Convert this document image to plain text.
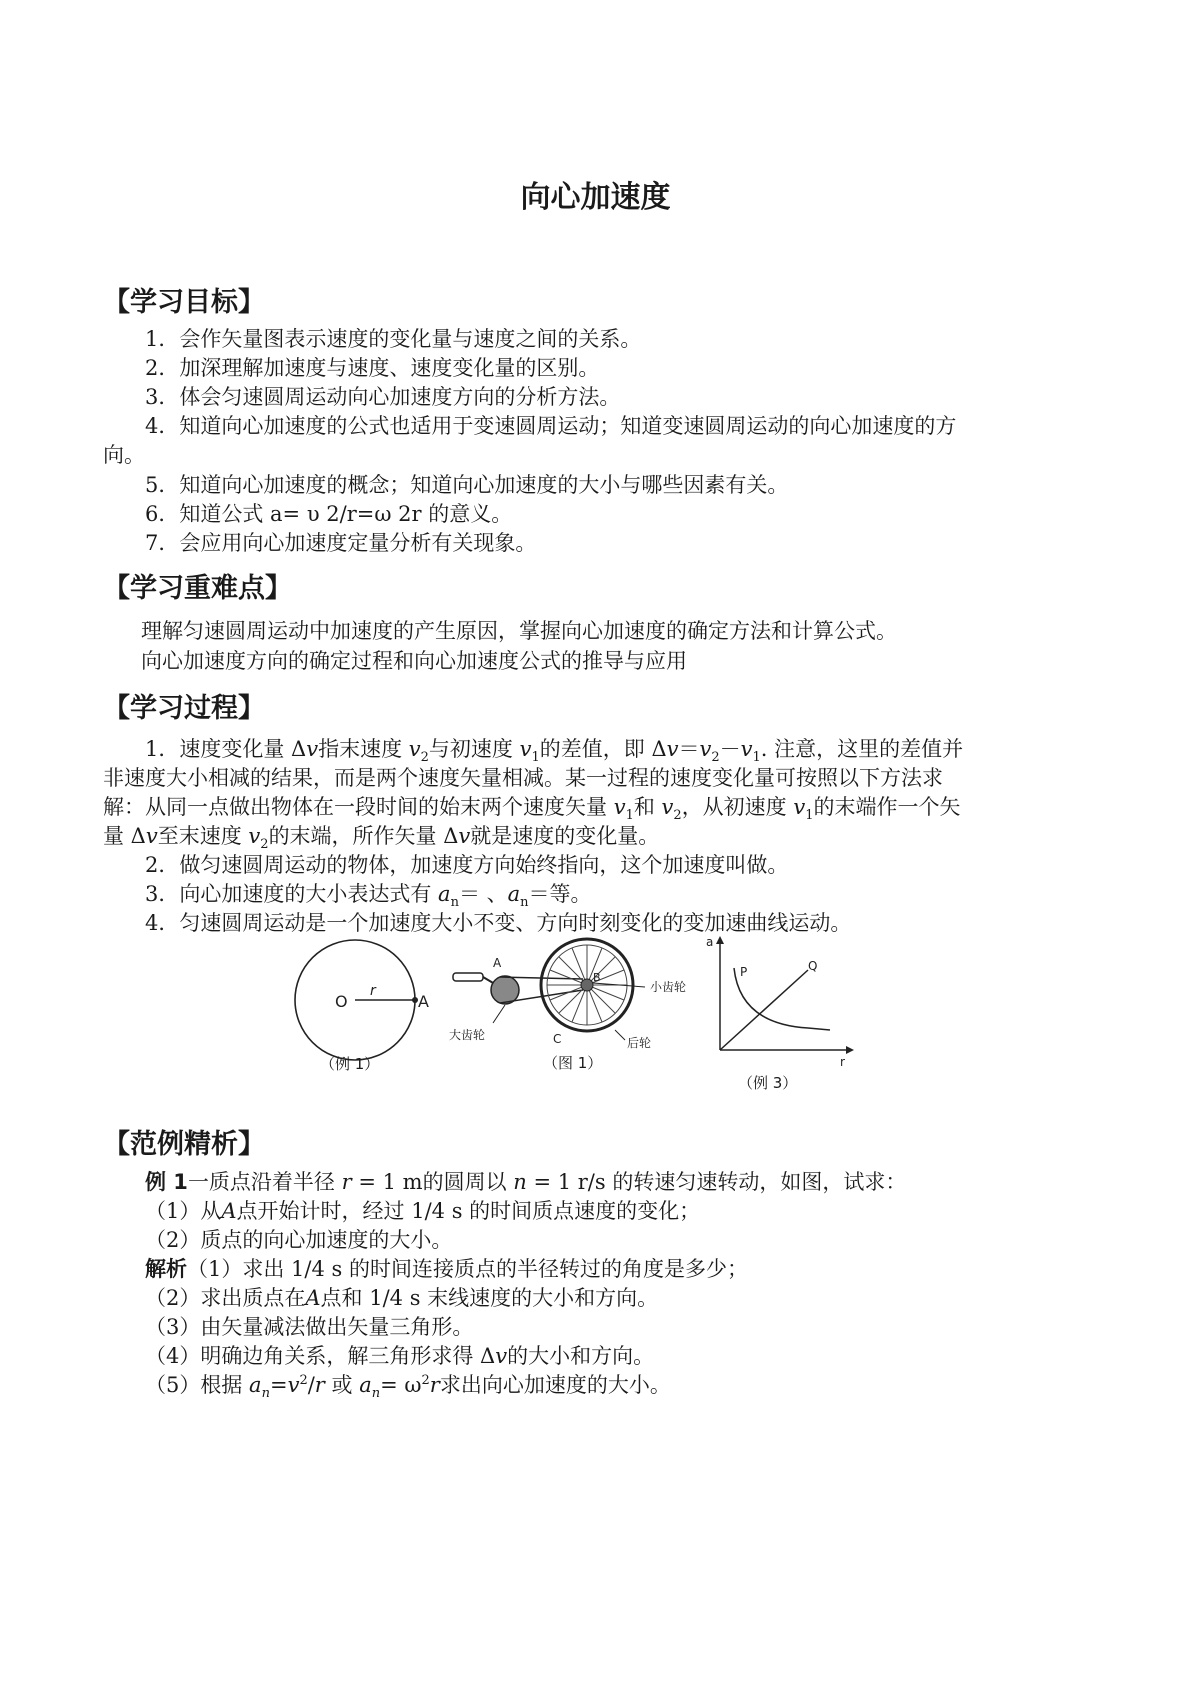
向心加速度
【学习目标】
1．会作矢量图表示速度的变化量与速度之间的关系。
2．加深理解加速度与速度、速度变化量的区别。
3．体会匀速圆周运动向心加速度方向的分析方法。
4．知道向心加速度的公式也适用于变速圆周运动；知道变速圆周运动的向心加速度的方
向。
5．知道向心加速度的概念；知道向心加速度的大小与哪些因素有关。
6．知道公式 a= υ 2/r=ω 2r 的意义。
7．会应用向心加速度定量分析有关现象。
【学习重难点】
理解匀速圆周运动中加速度的产生原因，掌握向心加速度的确定方法和计算公式。
向心加速度方向的确定过程和向心加速度公式的推导与应用
【学习过程】
1．速度变化量 Δv指末速度 $v_2$与初速度 $v_1$的差值，即 $\Delta v=v_2-v_1$. 注意，这里的差值并
非速度大小相减的结果，而是两个速度矢量相减。某一过程的速度变化量可按照以下方法求
解：从同一点做出物体在一段时间的始末两个速度矢量 $v_1$和 $v_2$，从初速度 $v_1$的末端作一个矢
量 Δv至末速度 $v_2$的末端，所作矢量 Δv就是速度的变化量。
2．做匀速圆周运动的物体，加速度方向始终指向，这个加速度叫做。
3．向心加速度的大小表达式有 $a_n=$ 、$a_n=$等。
4．匀速圆周运动是一个加速度大小不变、方向时刻变化的变加速曲线运动。
O
r
A
（例 1）
A
B
C
小齿轮
大齿轮
后轮
（图 1）
a
r
P	Q
（例 3）
【范例精析】
例 1一质点沿着半径 r = 1 m的圆周以 n = 1 r/s 的转速匀速转动，如图，试求：
（1）从A点开始计时，经过 1/4 s 的时间质点速度的变化；
（2）质点的向心加速度的大小。
解析（1）求出 1/4 s 的时间连接质点的半径转过的角度是多少；
（2）求出质点在A点和 1/4 s 末线速度的大小和方向。
（3）由矢量减法做出矢量三角形。
（4）明确边角关系，解三角形求得 Δv的大小和方向。
（5）根据 $a_n=v^2/r$ 或 $a_n= \omega^2r$求出向心加速度的大小。
